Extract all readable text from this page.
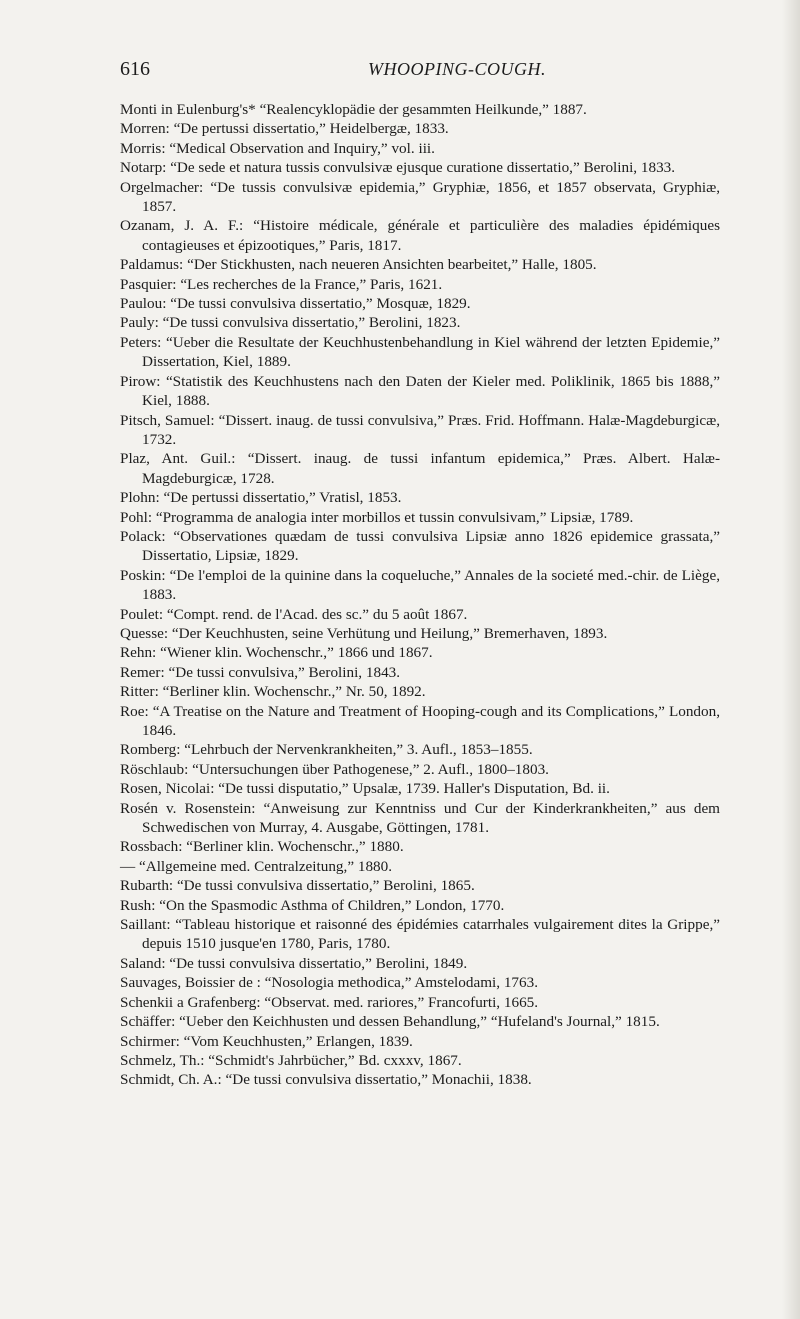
616	WHOOPING-COUGH.

Monti in Eulenburg's* “Realencyklopädie der gesammten Heilkunde,” 1887.

Morren: “De pertussi dissertatio,” Heidelbergæ, 1833.

Morris: “Medical Observation and Inquiry,” vol. iii.

Notarp: “De sede et natura tussis convulsivæ ejusque curatione dissertatio,” Berolini, 1833.

Orgelmacher: “De tussis convulsivæ epidemia,” Gryphiæ, 1856, et 1857 observata, Gryphiæ, 1857.

Ozanam, J. A. F.: “Histoire médicale, générale et particulière des maladies épidémiques contagieuses et épizootiques,” Paris, 1817.

Paldamus: “Der Stickhusten, nach neueren Ansichten bearbeitet,” Halle, 1805.

Pasquier: “Les recherches de la France,” Paris, 1621.

Paulou: “De tussi convulsiva dissertatio,” Mosquæ, 1829.

Pauly: “De tussi convulsiva dissertatio,” Berolini, 1823.

Peters: “Ueber die Resultate der Keuchhustenbehandlung in Kiel während der letzten Epidemie,” Dissertation, Kiel, 1889.

Pirow: “Statistik des Keuchhustens nach den Daten der Kieler med. Poliklinik, 1865 bis 1888,” Kiel, 1888.

Pitsch, Samuel: “Dissert. inaug. de tussi convulsiva,” Præs. Frid. Hoffmann. Halæ-Magdeburgicæ, 1732.

Plaz, Ant. Guil.: “Dissert. inaug. de tussi infantum epidemica,” Præs. Albert. Halæ-Magdeburgicæ, 1728.

Plohn: “De pertussi dissertatio,” Vratisl, 1853.

Pohl: “Programma de analogia inter morbillos et tussin convulsivam,” Lipsiæ, 1789.

Polack: “Observationes quædam de tussi convulsiva Lipsiæ anno 1826 epidemice grassata,” Dissertatio, Lipsiæ, 1829.

Poskin: “De l'emploi de la quinine dans la coqueluche,” Annales de la societé med.-chir. de Liège, 1883.

Poulet: “Compt. rend. de l'Acad. des sc.” du 5 août 1867.

Quesse: “Der Keuchhusten, seine Verhütung und Heilung,” Bremerhaven, 1893.

Rehn: “Wiener klin. Wochenschr.,” 1866 und 1867.

Remer: “De tussi convulsiva,” Berolini, 1843.

Ritter: “Berliner klin. Wochenschr.,” Nr. 50, 1892.

Roe: “A Treatise on the Nature and Treatment of Hooping-cough and its Complications,” London, 1846.

Romberg: “Lehrbuch der Nervenkrankheiten,” 3. Aufl., 1853–1855.

Röschlaub: “Untersuchungen über Pathogenese,” 2. Aufl., 1800–1803.

Rosen, Nicolai: “De tussi disputatio,” Upsalæ, 1739. Haller's Disputation, Bd. ii.

Rosén v. Rosenstein: “Anweisung zur Kenntniss und Cur der Kinderkrankheiten,” aus dem Schwedischen von Murray, 4. Ausgabe, Göttingen, 1781.

Rossbach: “Berliner klin. Wochenschr.,” 1880.

— “Allgemeine med. Centralzeitung,” 1880.

Rubarth: “De tussi convulsiva dissertatio,” Berolini, 1865.

Rush: “On the Spasmodic Asthma of Children,” London, 1770.

Saillant: “Tableau historique et raisonné des épidémies catarrhales vulgairement dites la Grippe,” depuis 1510 jusque'en 1780, Paris, 1780.

Saland: “De tussi convulsiva dissertatio,” Berolini, 1849.

Sauvages, Boissier de : “Nosologia methodica,” Amstelodami, 1763.

Schenkii a Grafenberg: “Observat. med. rariores,” Francofurti, 1665.

Schäffer: “Ueber den Keichhusten und dessen Behandlung,” “Hufeland's Journal,” 1815.

Schirmer: “Vom Keuchhusten,” Erlangen, 1839.

Schmelz, Th.: “Schmidt's Jahrbücher,” Bd. cxxxv, 1867.

Schmidt, Ch. A.: “De tussi convulsiva dissertatio,” Monachii, 1838.
